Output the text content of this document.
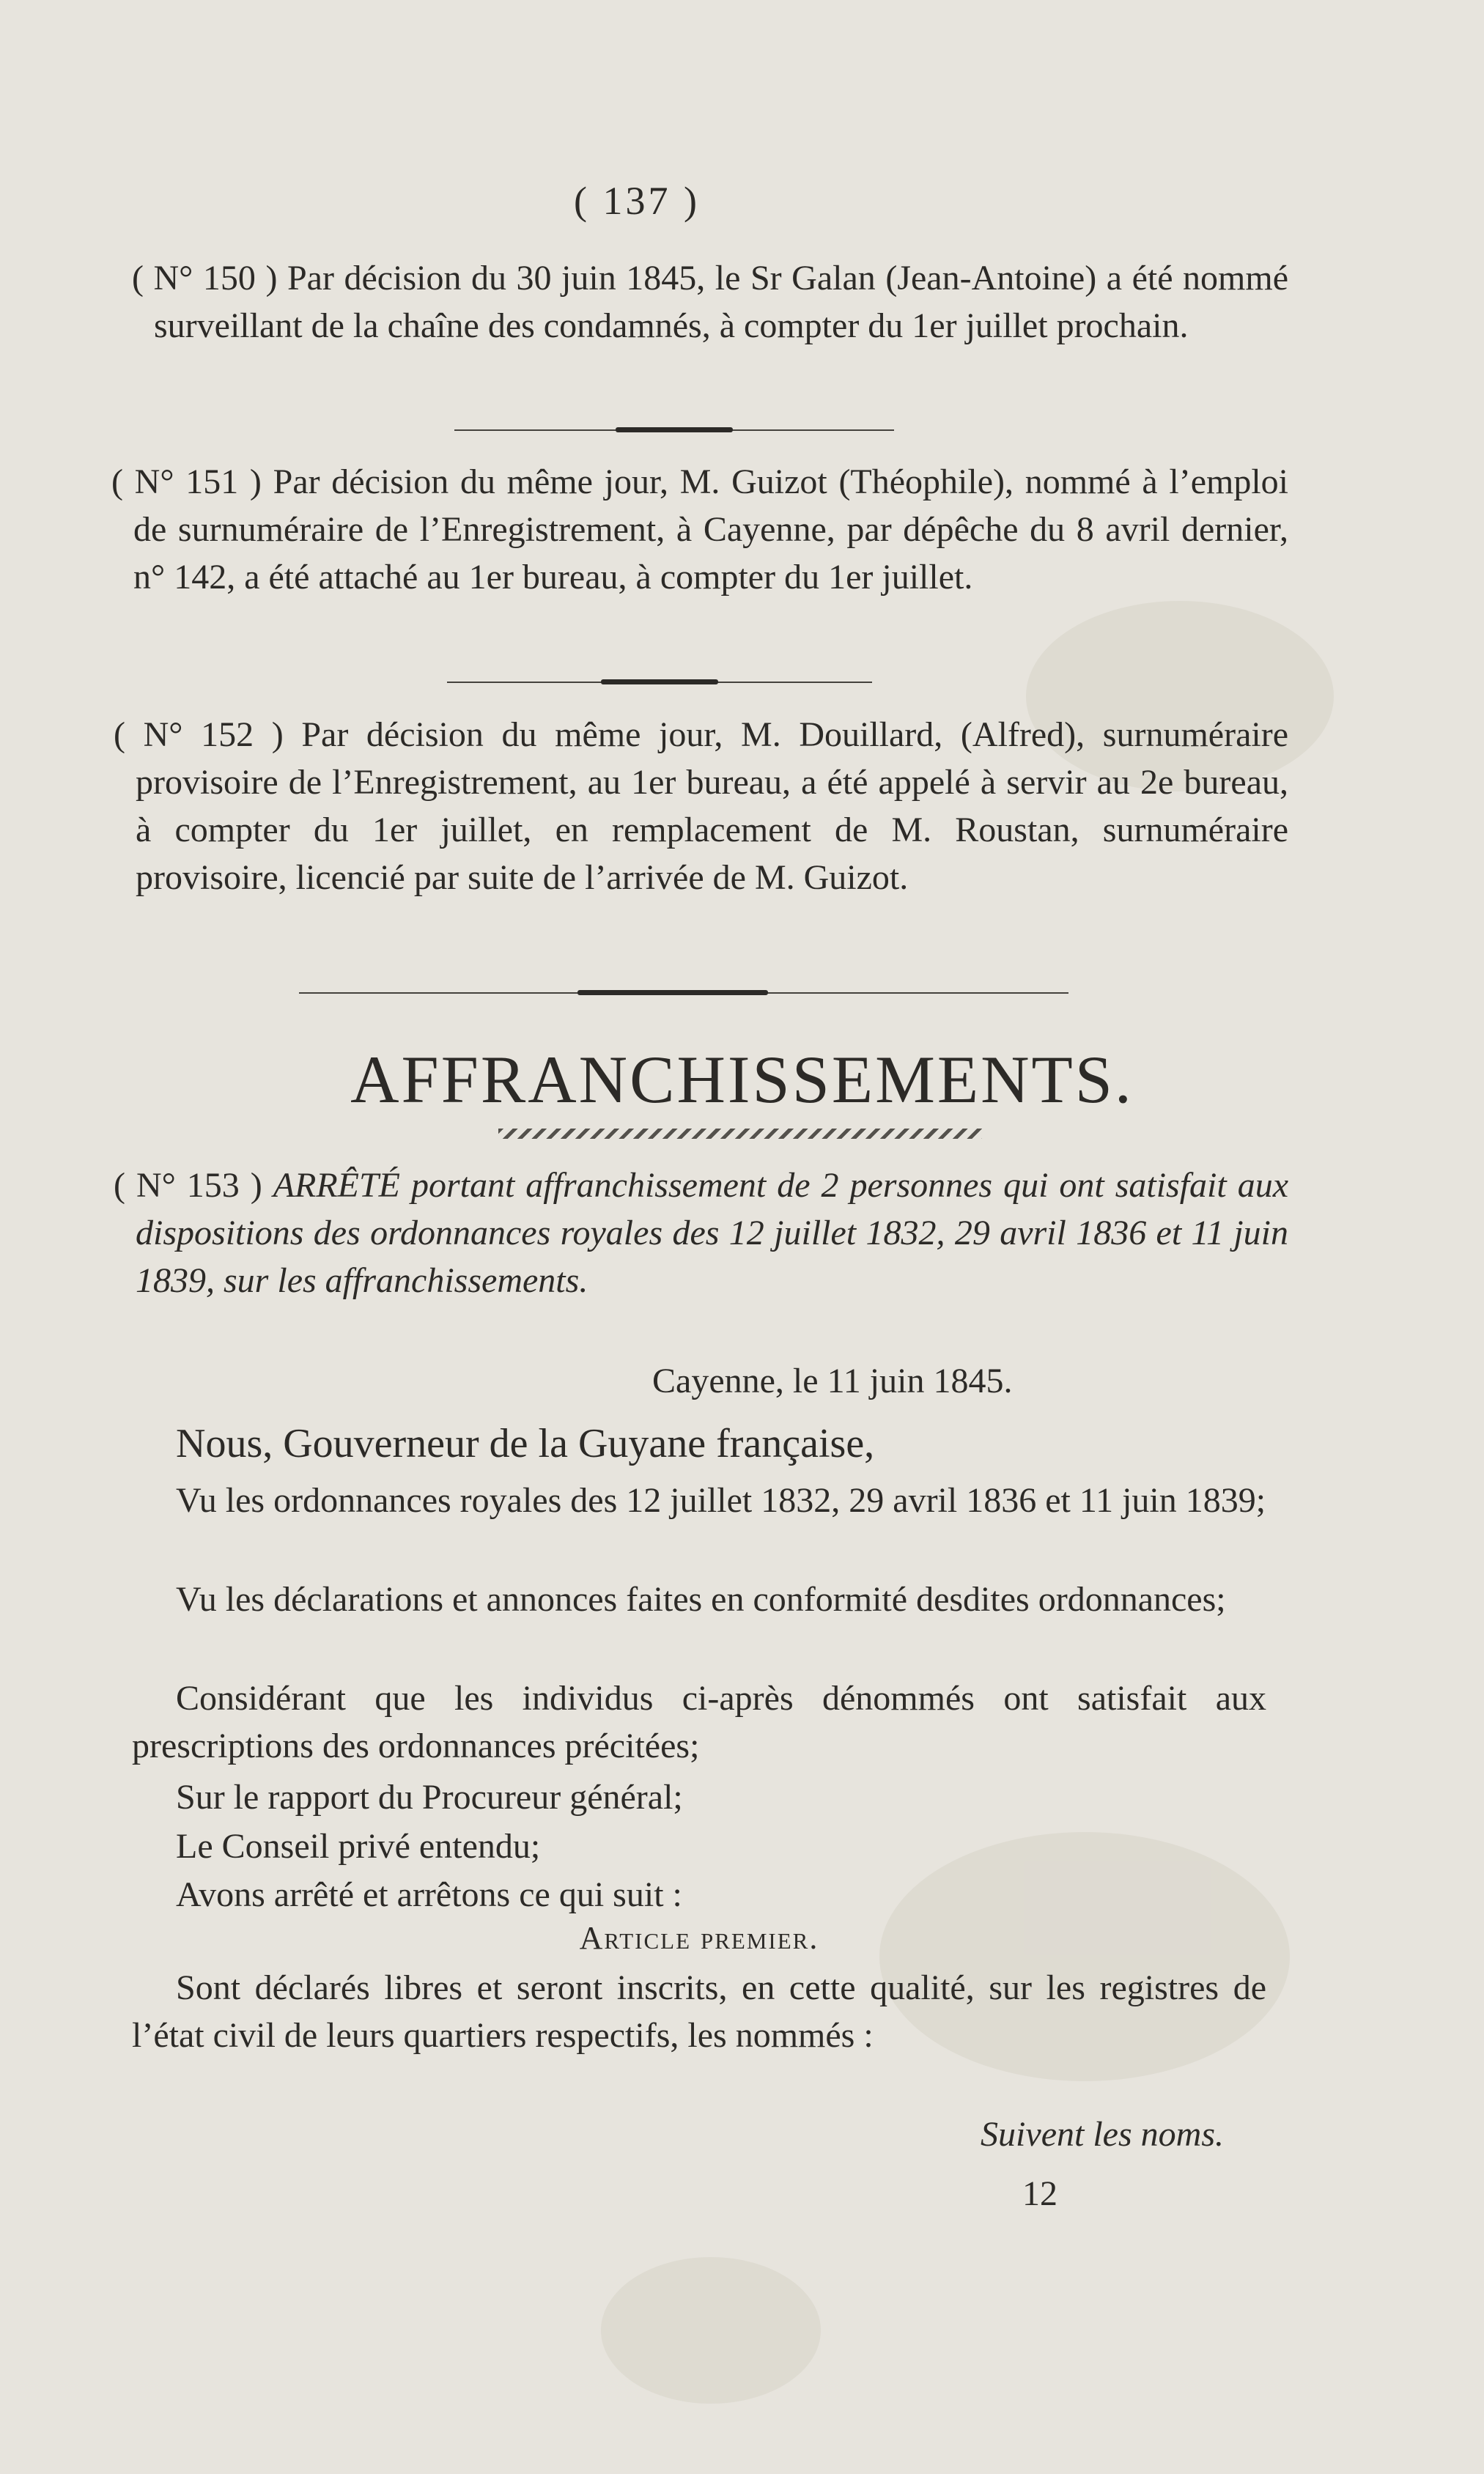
( 137 )

( N° 150 ) Par décision du 30 juin 1845, le Sr Galan (Jean-Antoine) a été nommé surveillant de la chaîne des condamnés, à compter du 1er juillet prochain.

( N° 151 ) Par décision du même jour, M. Guizot (Théophile), nommé à l’emploi de surnuméraire de l’Enregistrement, à Cayenne, par dépêche du 8 avril dernier, n° 142, a été attaché au 1er bureau, à compter du 1er juillet.

( N° 152 ) Par décision du même jour, M. Douillard, (Alfred), surnuméraire provisoire de l’Enregistrement, au 1er bureau, a été appelé à servir au 2e bureau, à compter du 1er juillet, en remplacement de M. Roustan, surnuméraire provisoire, licencié par suite de l’arrivée de M. Guizot.

AFFRANCHISSEMENTS.

( N° 153 ) ARRÊTÉ portant affranchissement de 2 personnes qui ont satisfait aux dispositions des ordonnances royales des 12 juillet 1832, 29 avril 1836 et 11 juin 1839, sur les affranchissements.

Cayenne, le 11 juin 1845.
Nous, Gouverneur de la Guyane française,

Vu les ordonnances royales des 12 juillet 1832, 29 avril 1836 et 11 juin 1839;

Vu les déclarations et annonces faites en conformité desdites ordonnances;

Considérant que les individus ci-après dénommés ont satisfait aux prescriptions des ordonnances précitées;

Sur le rapport du Procureur général;

Le Conseil privé entendu;

Avons arrêté et arrêtons ce qui suit :

Article premier.

Sont déclarés libres et seront inscrits, en cette qualité, sur les registres de l’état civil de leurs quartiers respectifs, les nommés :

Suivent les noms.
12
